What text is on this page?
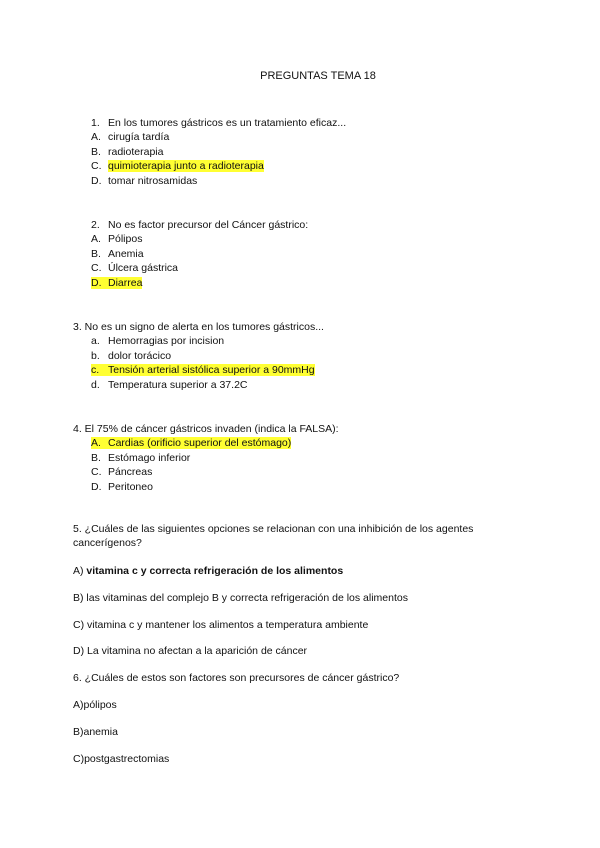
PREGUNTAS TEMA 18
1. En los tumores gástricos es un tratamiento eficaz...
A. cirugía tardía
B. radioterapia
C. quimioterapia junto a radioterapia
D. tomar nitrosamidas
2. No es factor precursor del Cáncer gástrico:
A. Pólipos
B. Anemia
C. Úlcera gástrica
D. Diarrea
3. No es un signo de alerta en los tumores gástricos...
a. Hemorragias por incision
b. dolor torácico
c. Tensión arterial sistólica superior a 90mmHg
d. Temperatura superior a 37.2C
4. El 75% de cáncer gástricos invaden (indica la FALSA):
A. Cardias (orificio superior del estómago)
B. Estómago inferior
C. Páncreas
D. Peritoneo
5. ¿Cuáles de las siguientes opciones se relacionan con una inhibición de los agentes
cancerígenos?
A) vitamina c y correcta refrigeración de los alimentos
B) las vitaminas del complejo B y correcta refrigeración de los alimentos
C) vitamina c y mantener los alimentos a temperatura ambiente
D) La vitamina no afectan a la aparición de cáncer
6. ¿Cuáles de estos son factores son precursores de cáncer gástrico?
A)pólipos
B)anemia
C)postgastrectomias
